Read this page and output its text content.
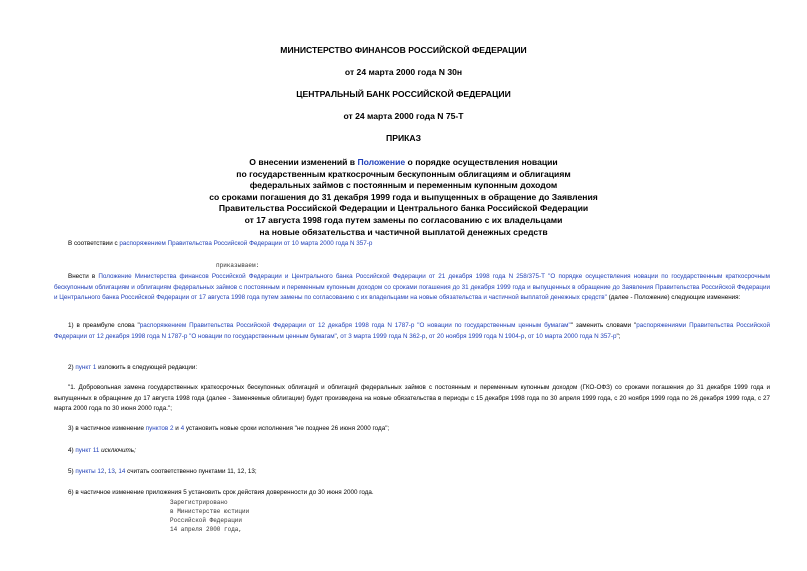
МИНИСТЕРСТВО ФИНАНСОВ РОССИЙСКОЙ ФЕДЕРАЦИИ
от 24 марта 2000 года N 30н
ЦЕНТРАЛЬНЫЙ БАНК РОССИЙСКОЙ ФЕДЕРАЦИИ
от 24 марта 2000 года N 75-Т
ПРИКАЗ
О внесении изменений в Положение о порядке осуществления новации
по государственным краткосрочным бескупонным облигациям и облигациям
федеральных займов с постоянным и переменным купонным доходом
со сроками погашения до 31 декабря 1999 года и выпущенных в обращение до Заявления
Правительства Российской Федерации и Центрального банка Российской Федерации
от 17 августа 1998 года путем замены по согласованию с их владельцами
на новые обязательства и частичной выплатой денежных средств
В соответствии с распоряжением Правительства Российской Федерации от 10 марта 2000 года N 357-р
приказываем:
Внести в Положение Министерства финансов Российской Федерации и Центрального банка Российской Федерации от 21 декабря 1998 года N 258/375-Т "О порядке осуществления новации по государственным краткосрочным бескупонным облигациям и облигациям федеральных займов с постоянным и переменным купонным доходом со сроками погашения до 31 декабря 1999 года и выпущенных в обращение до Заявления Правительства Российской Федерации и Центрального банка Российской Федерации от 17 августа 1998 года путем замены по согласованию с их владельцами на новые обязательства и частичной выплатой денежных средств" (далее - Положение) следующие изменения:
1) в преамбуле слова "распоряжением Правительства Российской Федерации от 12 декабря 1998 года N 1787-р "О новации по государственным ценным бумагам"" заменить словами "распоряжениями Правительства Российской Федерации от 12 декабря 1998 года N 1787-р "О новации по государственным ценным бумагам", от 3 марта 1999 года N 362-р, от 20 ноября 1999 года N 1904-р, от 10 марта 2000 года N 357-р";
2) пункт 1 изложить в следующей редакции:
"1. Добровольная замена государственных краткосрочных бескупонных облигаций и облигаций федеральных займов с постоянным и переменным купонным доходом (ГКО-ОФЗ) со сроками погашения до 31 декабря 1999 года и выпущенных в обращение до 17 августа 1998 года (далее - Заменяемые облигации) будет произведена на новые обязательства в периоды с 15 декабря 1998 года по 30 апреля 1999 года, с 20 ноября 1999 года по 26 декабря 1999 года, с 27 марта 2000 года по 30 июня 2000 года.";
3) в частичное изменение пунктов 2 и 4 установить новые сроки исполнения "не позднее 26 июня 2000 года";
4) пункт 11 исключить;
5) пункты 12, 13, 14 считать соответственно пунктами 11, 12, 13;
6) в частичное изменение приложения 5 установить срок действия доверенности до 30 июня 2000 года.
Зарегистрировано
в Министерстве юстиции
Российской Федерации
14 апреля 2000 года,
